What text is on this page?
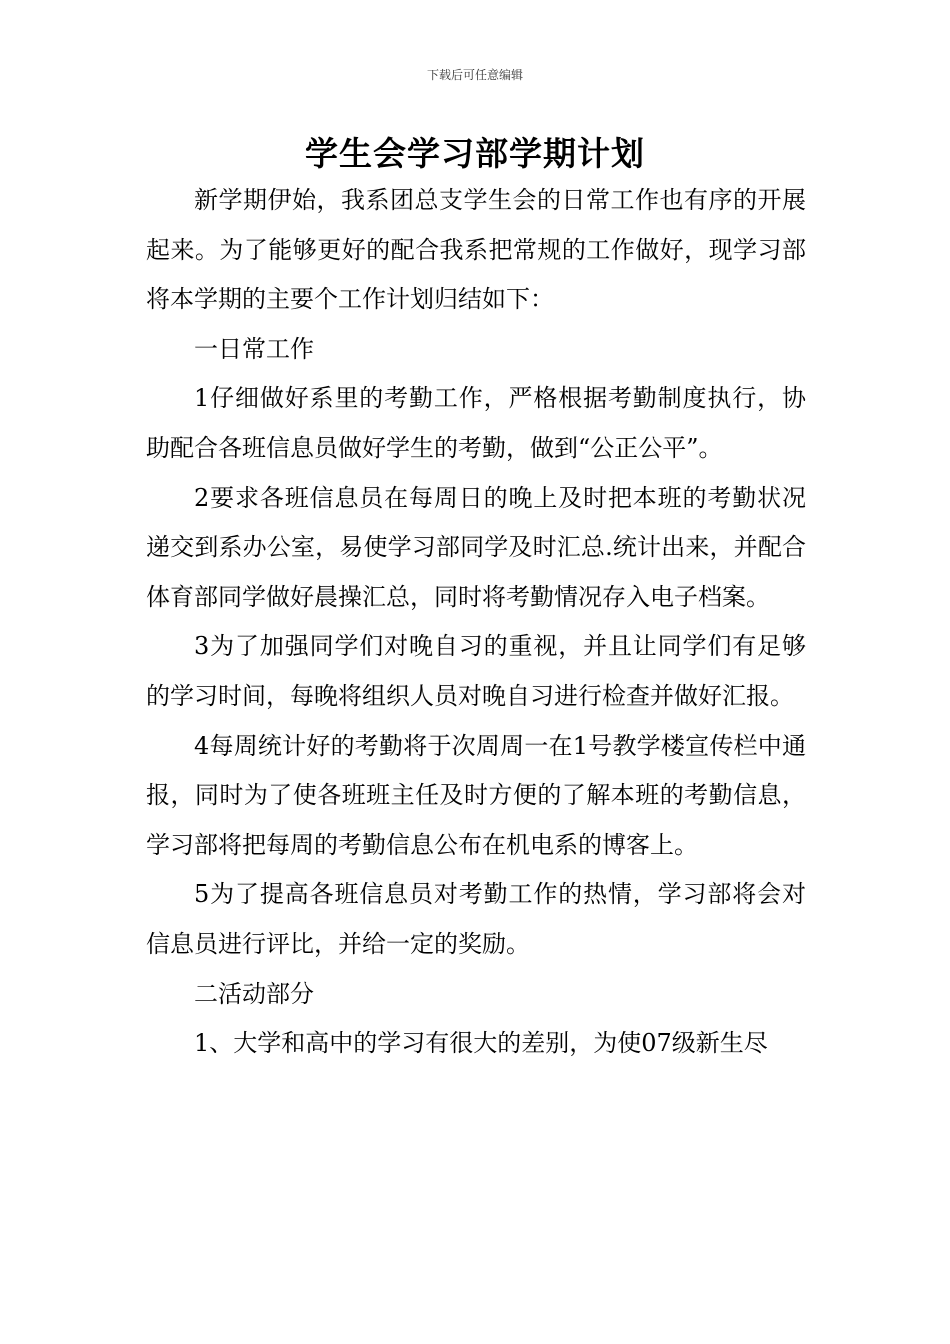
下载后可任意编辑
学生会学习部学期计划

新学期伊始，我系团总支学生会的日常工作也有序的开展起来。为了能够更好的配合我系把常规的工作做好，现学习部将本学期的主要个工作计划归结如下：

一日常工作

1仔细做好系里的考勤工作，严格根据考勤制度执行，协助配合各班信息员做好学生的考勤，做到“公正公平”。

2要求各班信息员在每周日的晚上及时把本班的考勤状况递交到系办公室，易使学习部同学及时汇总.统计出来，并配合体育部同学做好晨操汇总，同时将考勤情况存入电子档案。

3为了加强同学们对晚自习的重视，并且让同学们有足够的学习时间，每晚将组织人员对晚自习进行检查并做好汇报。

4每周统计好的考勤将于次周周一在1号教学楼宣传栏中通报，同时为了使各班班主任及时方便的了解本班的考勤信息，学习部将把每周的考勤信息公布在机电系的博客上。

5为了提高各班信息员对考勤工作的热情，学习部将会对信息员进行评比，并给一定的奖励。

二活动部分

1、大学和高中的学习有很大的差别，为使07级新生尽
